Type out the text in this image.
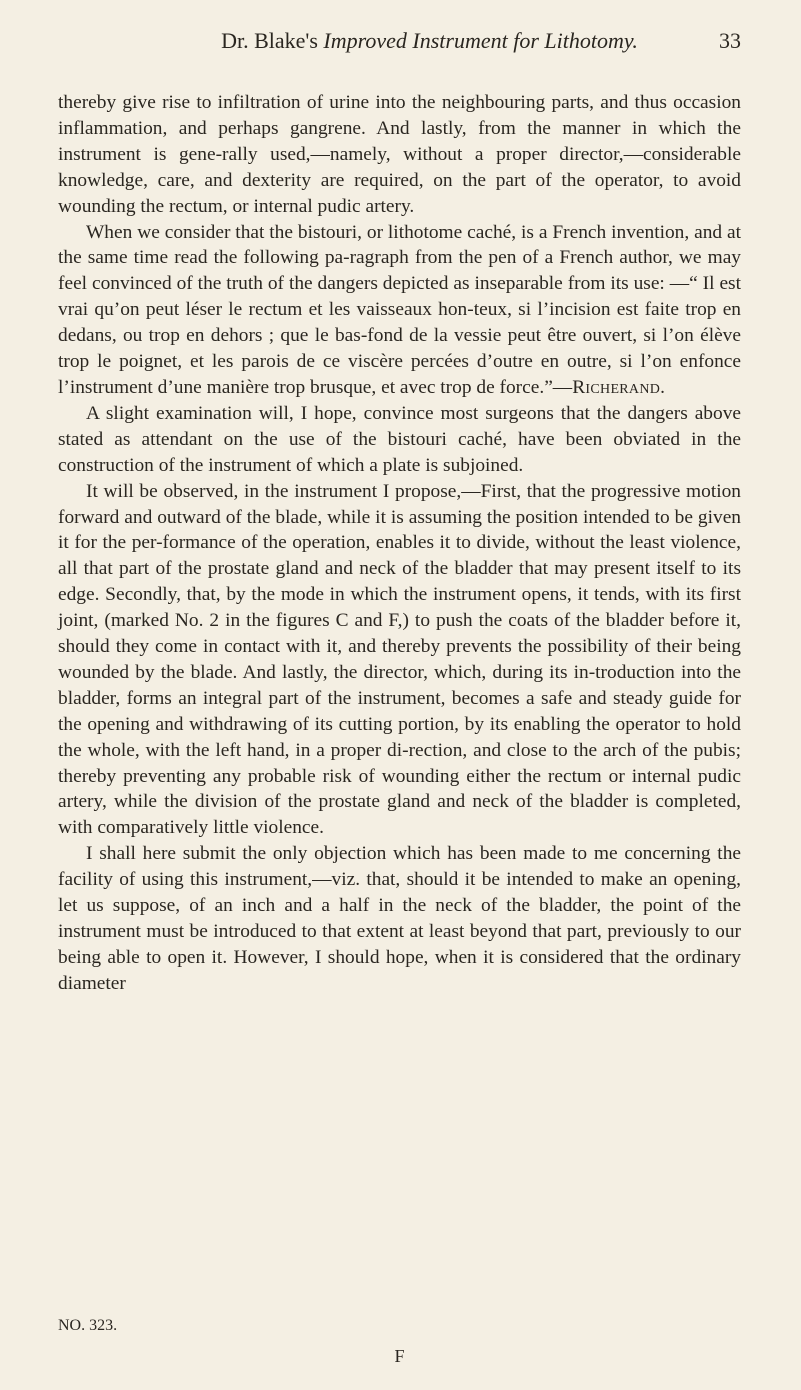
Dr. Blake's Improved Instrument for Lithotomy.	33

thereby give rise to infiltration of urine into the neighbouring parts, and thus occasion inflammation, and perhaps gangrene. And lastly, from the manner in which the instrument is gene-rally used,—namely, without a proper director,—considerable knowledge, care, and dexterity are required, on the part of the operator, to avoid wounding the rectum, or internal pudic artery.

When we consider that the bistouri, or lithotome caché, is a French invention, and at the same time read the following pa-ragraph from the pen of a French author, we may feel convinced of the truth of the dangers depicted as inseparable from its use: —“ Il est vrai qu’on peut léser le rectum et les vaisseaux hon-teux, si l’incision est faite trop en dedans, ou trop en dehors ; que le bas-fond de la vessie peut être ouvert, si l’on élève trop le poignet, et les parois de ce viscère percées d’outre en outre, si l’on enfonce l’instrument d’une manière trop brusque, et avec trop de force.”—Richerand.

A slight examination will, I hope, convince most surgeons that the dangers above stated as attendant on the use of the bistouri caché, have been obviated in the construction of the instrument of which a plate is subjoined.

It will be observed, in the instrument I propose,—First, that the progressive motion forward and outward of the blade, while it is assuming the position intended to be given it for the per-formance of the operation, enables it to divide, without the least violence, all that part of the prostate gland and neck of the bladder that may present itself to its edge. Secondly, that, by the mode in which the instrument opens, it tends, with its first joint, (marked No. 2 in the figures C and F,) to push the coats of the bladder before it, should they come in contact with it, and thereby prevents the possibility of their being wounded by the blade. And lastly, the director, which, during its in-troduction into the bladder, forms an integral part of the instrument, becomes a safe and steady guide for the opening and withdrawing of its cutting portion, by its enabling the operator to hold the whole, with the left hand, in a proper di-rection, and close to the arch of the pubis; thereby preventing any probable risk of wounding either the rectum or internal pudic artery, while the division of the prostate gland and neck of the bladder is completed, with comparatively little violence.

I shall here submit the only objection which has been made to me concerning the facility of using this instrument,—viz. that, should it be intended to make an opening, let us suppose, of an inch and a half in the neck of the bladder, the point of the instrument must be introduced to that extent at least beyond that part, previously to our being able to open it. However, I should hope, when it is considered that the ordinary diameter

NO. 323.
F
